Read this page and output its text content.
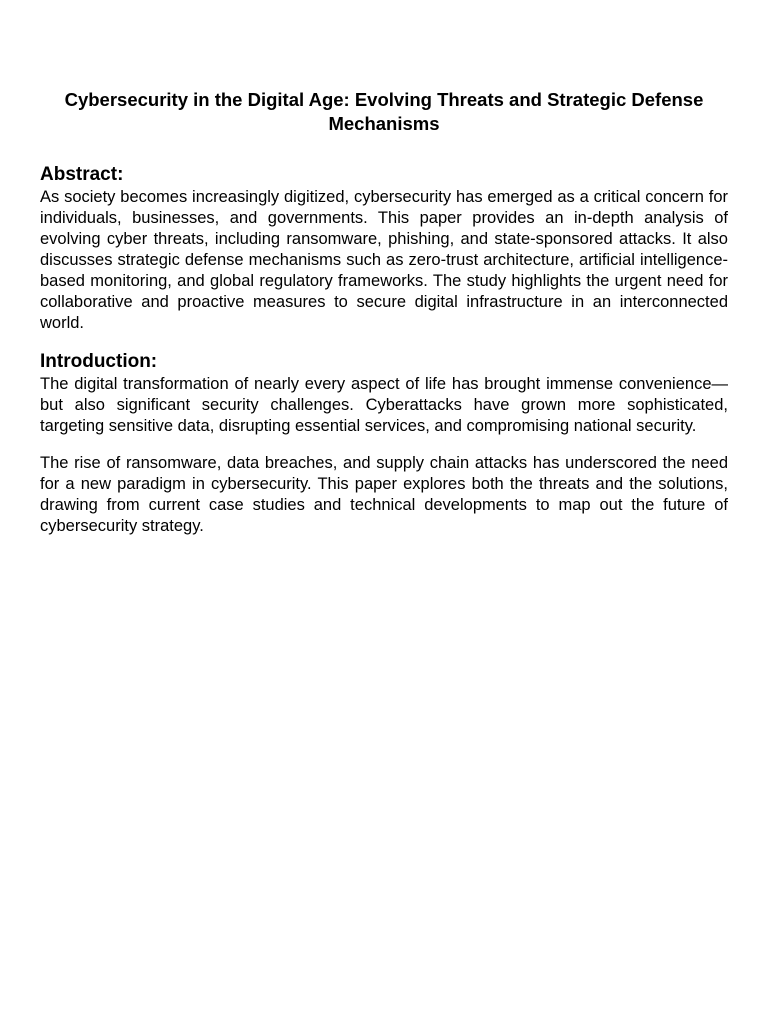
Cybersecurity in the Digital Age: Evolving Threats and Strategic Defense Mechanisms
Abstract:

As society becomes increasingly digitized, cybersecurity has emerged as a critical concern for individuals, businesses, and governments. This paper provides an in-depth analysis of evolving cyber threats, including ransomware, phishing, and state-sponsored attacks. It also discusses strategic defense mechanisms such as zero-trust architecture, artificial intelligence-based monitoring, and global regulatory frameworks. The study highlights the urgent need for collaborative and proactive measures to secure digital infrastructure in an interconnected world.

Introduction:

The digital transformation of nearly every aspect of life has brought immense convenience—but also significant security challenges. Cyberattacks have grown more sophisticated, targeting sensitive data, disrupting essential services, and compromising national security.

The rise of ransomware, data breaches, and supply chain attacks has underscored the need for a new paradigm in cybersecurity. This paper explores both the threats and the solutions, drawing from current case studies and technical developments to map out the future of cybersecurity strategy.
